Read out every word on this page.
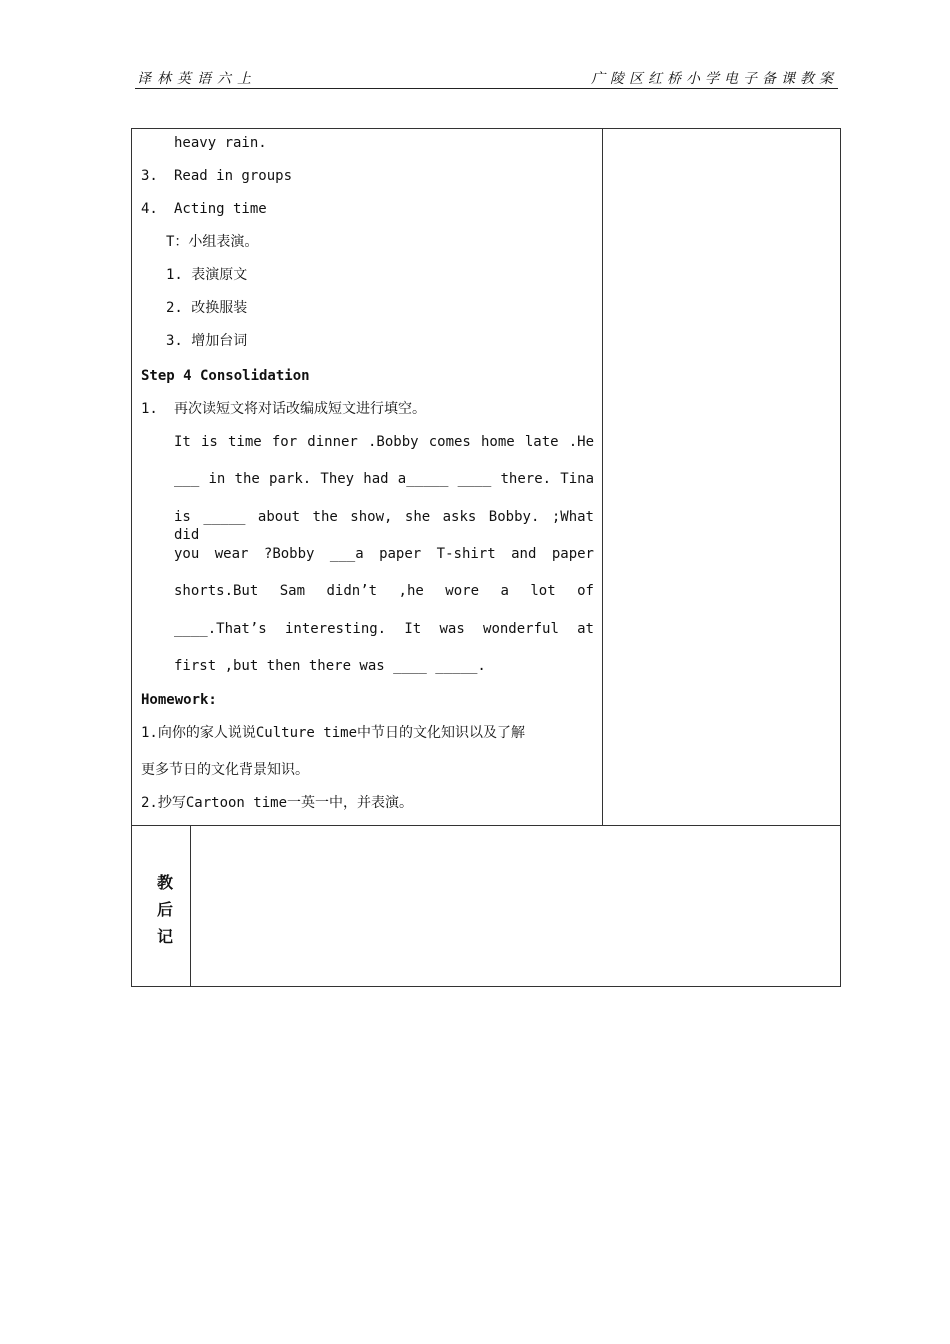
译林英语六上	广陵区红桥小学电子备课教案
heavy rain.
3. Read in groups
4. Acting time
T：小组表演。
1. 表演原文
2. 改换服装
3. 增加台词
Step 4 Consolidation
1. 再次读短文将对话改编成短文进行填空。
It is time for dinner .Bobby comes home late .He
___ in the park. They had a_____ ____ there. Tina
is _____ about the show, she asks Bobby. ;What did
you wear ?Bobby ___a paper T-shirt and paper
shorts.But Sam didn’t ,he wore a lot of
____.That’s interesting. It was wonderful at
first ,but then there was ____ _____.
Homework:
1.向你的家人说说Culture time中节日的文化知识以及了解
更多节日的文化背景知识。
2.抄写Cartoon time一英一中，并表演。
教
后
记
